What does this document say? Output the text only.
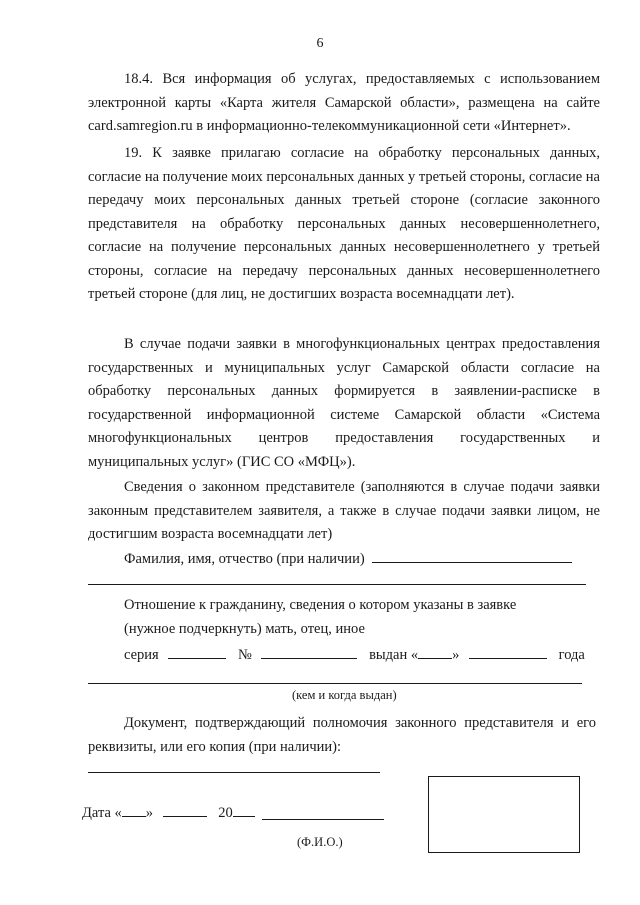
6
18.4. Вся информация об услугах, предоставляемых с использованием электронной карты «Карта жителя Самарской области», размещена на сайте card.samregion.ru в информационно-телекоммуникационной сети «Интернет».
19. К заявке прилагаю согласие на обработку персональных данных, согласие на получение моих персональных данных у третьей стороны, согласие на передачу моих персональных данных третьей стороне (согласие законного представителя на обработку персональных данных несовершеннолетнего, согласие на получение персональных данных несовершеннолетнего у третьей стороны, согласие на передачу персональных данных несовершеннолетнего третьей стороне (для лиц, не достигших возраста восемнадцати лет).
В случае подачи заявки в многофункциональных центрах предоставления государственных и муниципальных услуг Самарской области согласие на обработку персональных данных формируется в заявлении-расписке в государственной информационной системе Самарской области «Система многофункциональных центров предоставления государственных и муниципальных услуг» (ГИС СО «МФЦ»).
Сведения о законном представителе (заполняются в случае подачи заявки законным представителем заявителя, а также в случае подачи заявки лицом, не достигшим возраста восемнадцати лет)
Фамилия, имя, отчество (при наличии)
Отношение к гражданину, сведения о котором указаны в заявке
(нужное подчеркнуть) мать, отец, иное
серия	№	выдан « »	года
(кем и когда выдан)
Документ, подтверждающий полномочия законного представителя и его реквизиты, или его копия (при наличии):
Дата « »	20
(Ф.И.О.)
